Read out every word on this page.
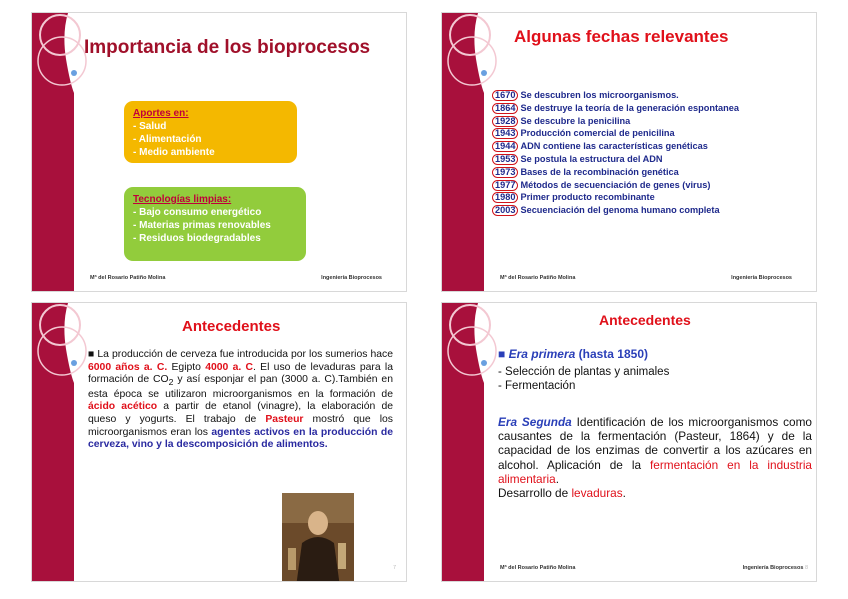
Importancia de los bioprocesos
Aportes en:
- Salud
- Alimentación
- Medio ambiente
Tecnologías limpias:
- Bajo consumo energético
- Materias primas renovables
- Residuos biodegradables
Mª del Rosario Patiño Molina	Ingeniería Bioprocesos
Algunas fechas relevantes
1670 Se descubren los microorganismos.
1864 Se destruye la teoría de la generación espontanea
1928 Se descubre la penicilina
1943 Producción comercial de penicilina
1944 ADN contiene las características genéticas
1953 Se postula la estructura del ADN
1973 Bases de la recombinación genética
1977 Métodos de secuenciación de genes (virus)
1980 Primer producto recombinante
2003 Secuenciación del genoma humano completa
Mª del Rosario Patiño Molina	Ingeniería Bioprocesos
Antecedentes
■ La producción de cerveza fue introducida por los sumerios hace 6000 años a. C. Egipto 4000 a. C. El uso de levaduras para la formación de $CO_2$ y así esponjar el pan (3000 a. C).También en esta época se utilizaron microorganismos en la formación de ácido acético a partir de etanol (vinagre), la elaboración de queso y yogurts. El trabajo de Pasteur mostró que los microorganismos eran los agentes activos en la producción de cerveza, vino y la descomposición de alimentos.
7
Antecedentes
■ Era primera (hasta 1850)
- Selección de plantas y animales
- Fermentación
Era Segunda Identificación de los microorganismos como causantes de la fermentación (Pasteur, 1864) y de la capacidad de los enzimas de convertir a los azúcares en alcohol. Aplicación de la fermentación en la industria alimentaria.
Desarrollo de levaduras.
Mª del Rosario Patiño Molina	Ingeniería Bioprocesos 8
